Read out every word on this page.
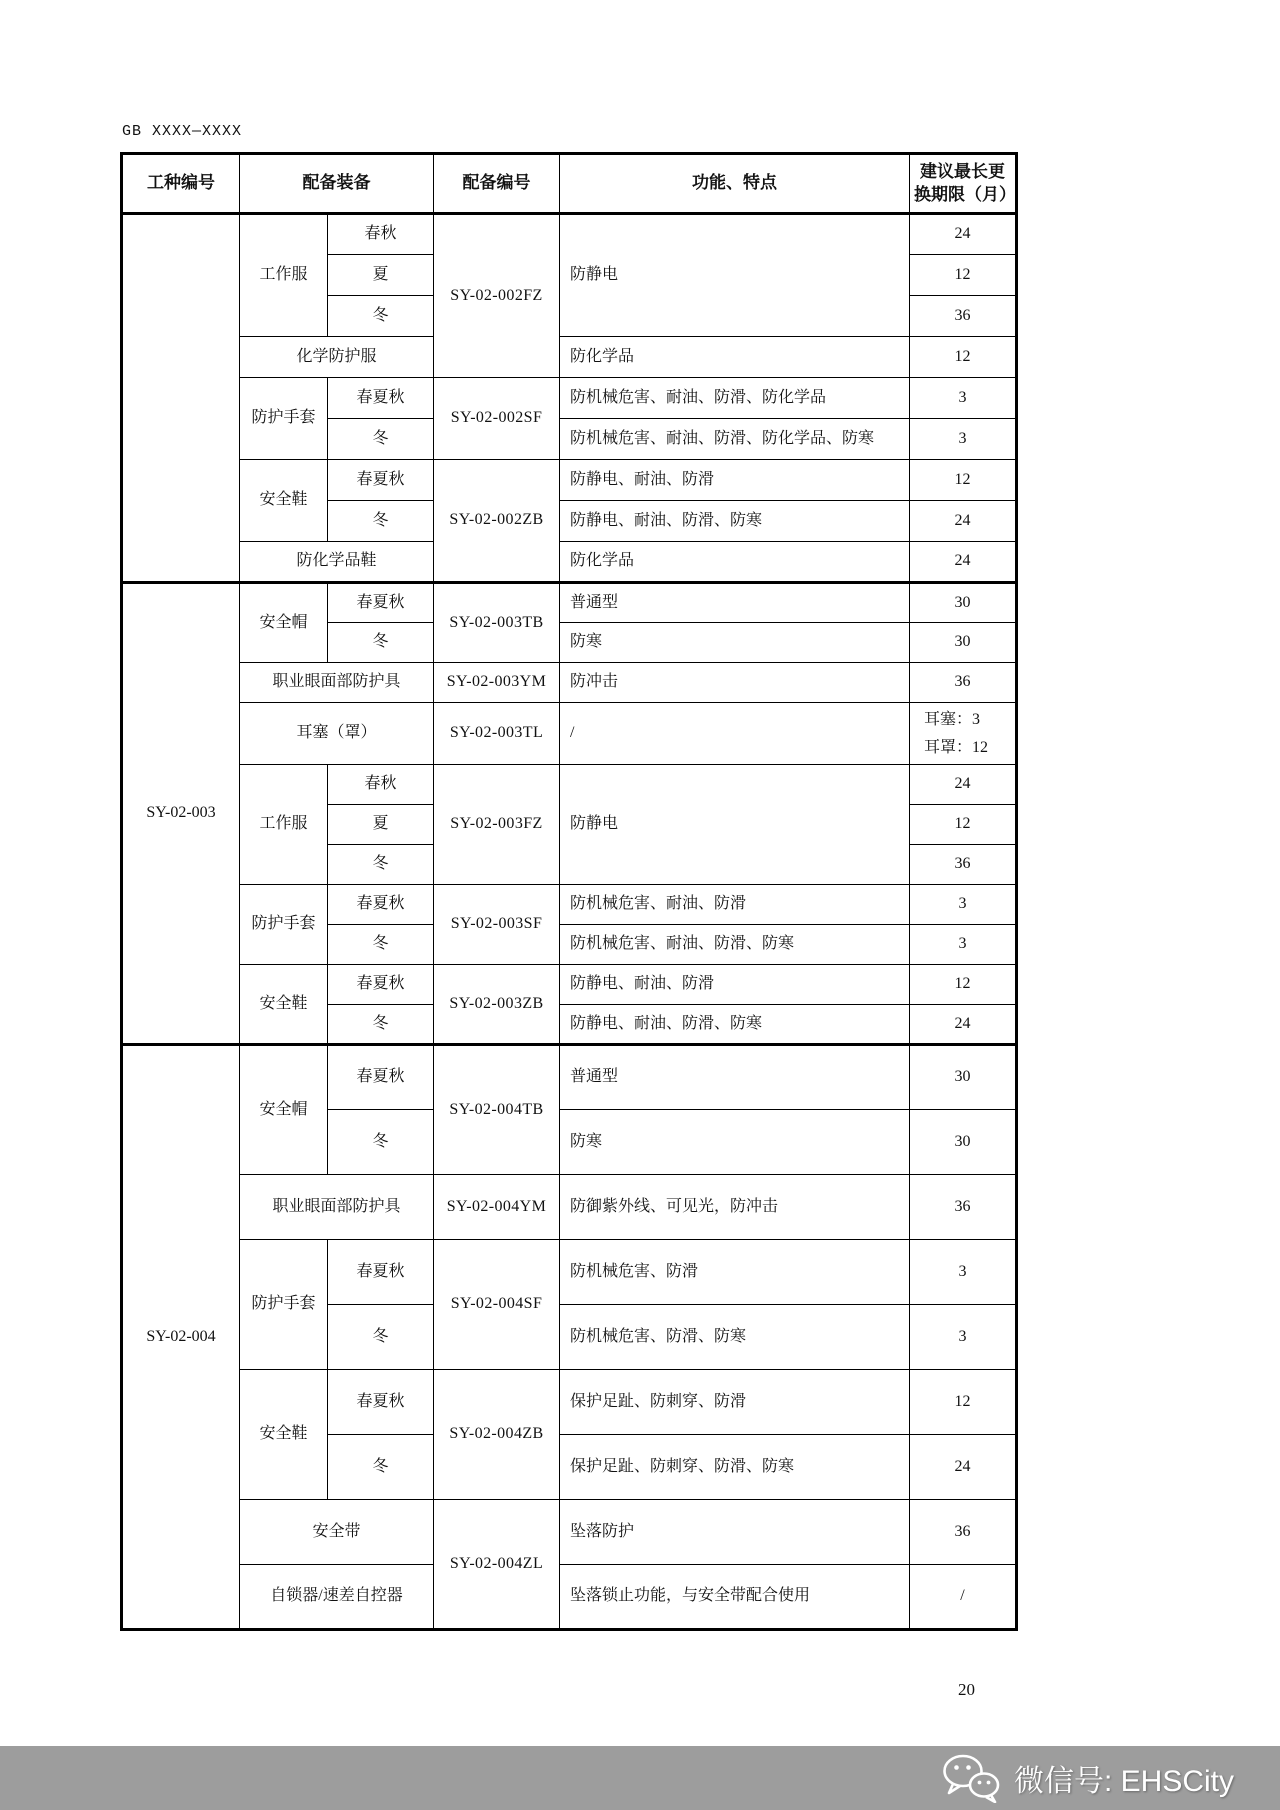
GB XXXX—XXXX
工种编号	配备装备		配备编号	功能、特点	建议最长更
换期限（月）
	工作服	春秋	SY-02-002FZ	防静电	24
		夏			12
		冬			36
	化学防护服			防化学品	12
	防护手套	春夏秋	SY-02-002SF	防机械危害、耐油、防滑、防化学品	3
		冬		防机械危害、耐油、防滑、防化学品、防寒	3
	安全鞋	春夏秋	SY-02-002ZB	防静电、耐油、防滑	12
		冬		防静电、耐油、防滑、防寒	24
	防化学品鞋			防化学品	24
SY-02-003	安全帽	春夏秋	SY-02-003TB	普通型	30
		冬		防寒	30
	职业眼面部防护具		SY-02-003YM	防冲击	36
	耳塞（罩）		SY-02-003TL	/	耳塞：3
耳罩：12
	工作服	春秋	SY-02-003FZ	防静电	24
		夏			12
		冬			36
	防护手套	春夏秋	SY-02-003SF	防机械危害、耐油、防滑	3
		冬		防机械危害、耐油、防滑、防寒	3
	安全鞋	春夏秋	SY-02-003ZB	防静电、耐油、防滑	12
		冬		防静电、耐油、防滑、防寒	24
SY-02-004	安全帽	春夏秋	SY-02-004TB	普通型	30
		冬		防寒	30
	职业眼面部防护具		SY-02-004YM	防御紫外线、可见光，防冲击	36
	防护手套	春夏秋	SY-02-004SF	防机械危害、防滑	3
		冬		防机械危害、防滑、防寒	3
	安全鞋	春夏秋	SY-02-004ZB	保护足趾、防刺穿、防滑	12
		冬		保护足趾、防刺穿、防滑、防寒	24
	安全带		SY-02-004ZL	坠落防护	36
	自锁器/速差自控器			坠落锁止功能，与安全带配合使用	/
20
微信号: EHSCity
